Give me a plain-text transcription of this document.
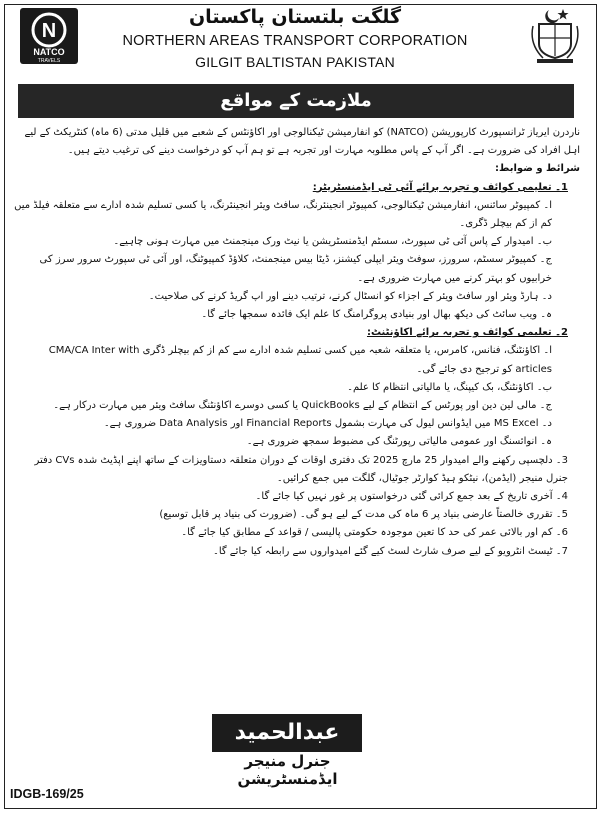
N
NATCO
TRAVELS
گلگت بلتستان پاکستان
NORTHERN AREAS TRANSPORT CORPORATION
GILGIT BALTISTAN PAKISTAN
ملازمت کے مواقع

ناردرن ایریاز ٹرانسپورٹ کارپوریشن (NATCO) کو انفارمیشن ٹیکنالوجی اور اکاؤنٹس کے شعبے میں قلیل مدتی (6 ماہ) کنٹریکٹ کے لیے اہل افراد کی ضرورت ہے۔ اگر آپ کے پاس مطلوبہ مہارت اور تجربہ ہے تو ہم آپ کو درخواست دینے کی ترغیب دیتے ہیں۔

شرائط و ضوابط:

1۔ تعلیمی کوائف و تجربہ برائے آئی ٹی ایڈمنسٹریٹر:

ا۔ کمپیوٹر سائنس، انفارمیشن ٹیکنالوجی، کمپیوٹر انجینئرنگ، سافٹ ویئر انجینئرنگ، یا کسی تسلیم شدہ ادارے سے متعلقہ فیلڈ میں کم از کم بیچلر ڈگری۔

ب۔ امیدوار کے پاس آئی ٹی سپورٹ، سسٹم ایڈمنسٹریشن یا نیٹ ورک مینجمنٹ میں مہارت ہونی چاہیے۔

ج۔ کمپیوٹر سسٹم، سرورز، سوفٹ ویئر ایپلی کیشنز، ڈیٹا بیس مینجمنٹ، کلاؤڈ کمپیوٹنگ، اور آئی ٹی سپورٹ سرور سرز کی خرابیوں کو بہتر کرنے میں مہارت ضروری ہے۔

د۔ ہارڈ ویئر اور سافٹ ویئر کے اجزاء کو انسٹال کرنے، ترتیب دینے اور اپ گریڈ کرنے کی صلاحیت۔

ہ۔ ویب سائٹ کی دیکھ بھال اور بنیادی پروگرامنگ کا علم ایک فائدہ سمجھا جائے گا۔

2۔ تعلیمی کوائف و تجربہ برائے اکاؤنٹنٹ:

ا۔ اکاؤنٹنگ، فنانس، کامرس، یا متعلقہ شعبہ میں کسی تسلیم شدہ ادارے سے کم از کم بیچلر ڈگری CMA/CA Inter with articles کو ترجیح دی جائے گی۔

ب۔ اکاؤنٹنگ، بک کیپنگ، یا مالیاتی انتظام کا علم۔

ج۔ مالی لین دین اور پورٹس کے انتظام کے لیے QuickBooks یا کسی دوسرے اکاؤنٹنگ سافٹ ویئر میں مہارت درکار ہے۔

د۔ MS Excel میں ایڈوانس لیول کی مہارت بشمول Financial Reports اور Data Analysis ضروری ہے۔

ہ۔ انوائسنگ اور عمومی مالیاتی رپورٹنگ کی مضبوط سمجھ ضروری ہے۔

3۔ دلچسپی رکھنے والے امیدوار 25 مارچ 2025 تک دفتری اوقات کے دوران متعلقہ دستاویزات کے ساتھ اپنے اپڈیٹ شدہ CVs دفتر جنرل منیجر (ایڈمن)، نیٹکو ہیڈ کوارٹر جوٹیال، گلگت میں جمع کرائیں۔

4۔ آخری تاریخ کے بعد جمع کرائی گئی درخواستوں پر غور نہیں کیا جائے گا۔

5۔ تقرری خالصتاً عارضی بنیاد پر 6 ماہ کی مدت کے لیے ہو گی۔ (ضرورت کی بنیاد پر قابل توسیع)

6۔ کم اور بالائی عمر کی حد کا تعین موجودہ حکومتی پالیسی / قواعد کے مطابق کیا جائے گا۔

7۔ ٹیسٹ انٹرویو کے لیے صرف شارٹ لسٹ کیے گئے امیدواروں سے رابطہ کیا جائے گا۔

عبدالحمید
جنرل منیجر ایڈمنسٹریشن
IDGB-169/25
